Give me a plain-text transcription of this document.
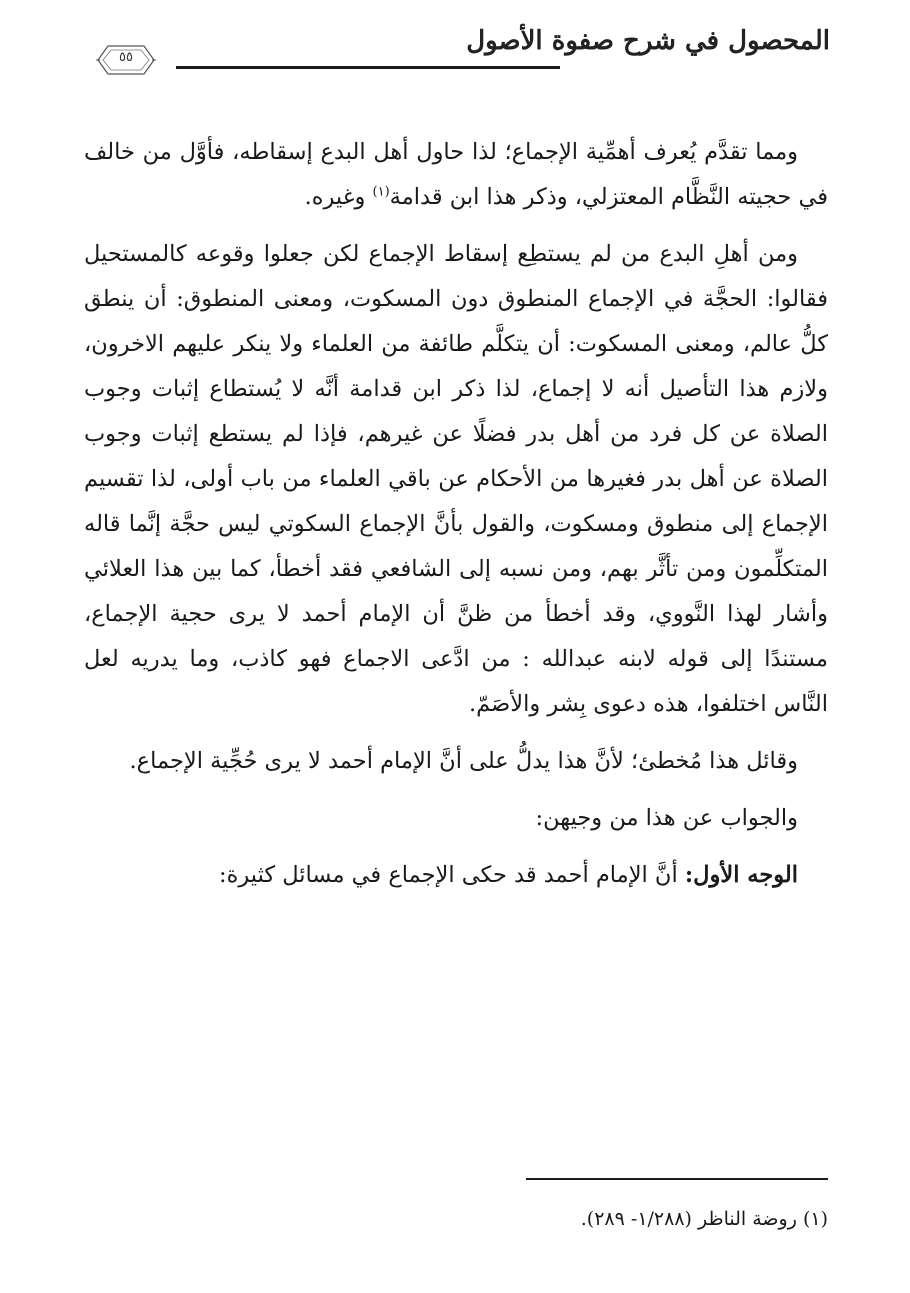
المحصول في شرح صفوة الأصول
٥٥

ومما تقدَّم يُعرف أهمِّية الإجماع؛ لذا حاول أهل البدع إسقاطه، فأوَّل من خالف في حجيته النَّظَّام المعتزلي، وذكر هذا ابن قدامة$^{(١)}$ وغيره.

ومن أهلِ البدع من لم يستطِع إسقاط الإجماع لكن جعلوا وقوعه كالمستحيل فقالوا: الحجَّة في الإجماع المنطوق دون المسكوت، ومعنى المنطوق: أن ينطق كلُّ عالم، ومعنى المسكوت: أن يتكلَّم طائفة من العلماء ولا ينكر عليهم الاخرون، ولازم هذا التأصيل أنه لا إجماع، لذا ذكر ابن قدامة أنَّه لا يُستطاع إثبات وجوب الصلاة عن كل فرد من أهل بدر فضلًا عن غيرهم، فإذا لم يستطع إثبات وجوب الصلاة عن أهل بدر فغيرها من الأحكام عن باقي العلماء من باب أولى، لذا تقسيم الإجماع إلى منطوق ومسكوت، والقول بأنَّ الإجماع السكوتي ليس حجَّة إنَّما قاله المتكلِّمون ومن تأثَّر بهم، ومن نسبه إلى الشافعي فقد أخطأ، كما بين هذا العلائي وأشار لهذا النَّووي، وقد أخطأ من ظنَّ أن الإمام أحمد لا يرى حجية الإجماع، مستندًا إلى قوله لابنه عبدالله : من ادَّعى الاجماع فهو كاذب، وما يدريه لعل النَّاس اختلفوا، هذه دعوى بِشر والأصَمّ.

وقائل هذا مُخطئ؛ لأنَّ هذا يدلُّ على أنَّ الإمام أحمد لا يرى حُجِّية الإجماع.

والجواب عن هذا من وجيهن:

الوجه الأول: أنَّ الإمام أحمد قد حكى الإجماع في مسائل كثيرة:

(١) روضة الناظر (١/٢٨٨- ٢٨٩).
